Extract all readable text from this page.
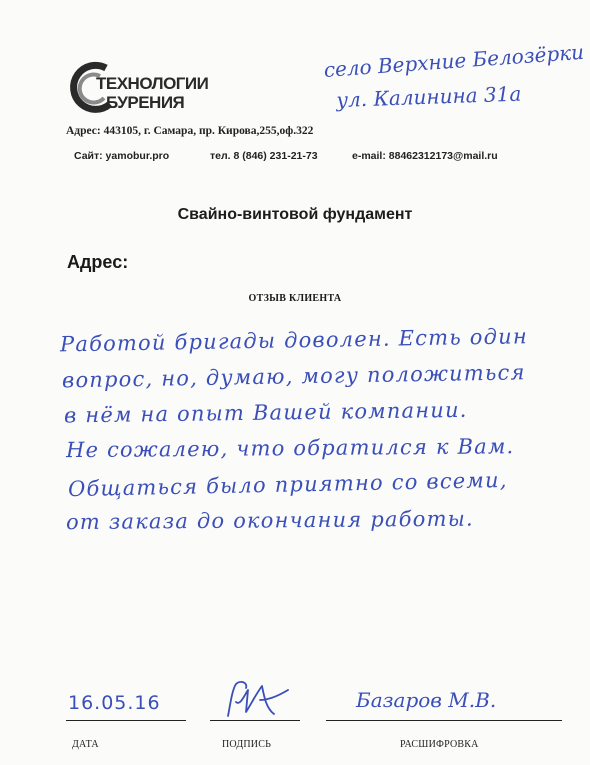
ТЕХНОЛОГИИ
БУРЕНИЯ
село Верхние Белозёрки
ул. Калинина 31а
Адрес: 443105, г. Самара, пр. Кирова,255,оф.322
Сайт: yamobur.pro	тел. 8 (846) 231-21-73	e-mail: 88462312173@mail.ru
Свайно-винтовой фундамент
Адрес:
ОТЗЫВ КЛИЕНТА
Работой бригады доволен. Есть один
вопрос, но, думаю, могу положиться
в нём на опыт Вашей компании.
Не сожалею, что обратился к Вам.
Общаться было приятно со всеми,
от заказа до окончания работы.
16.05.16	Базаров М.В.
ДАТА	ПОДПИСЬ	РАСШИФРОВКА
